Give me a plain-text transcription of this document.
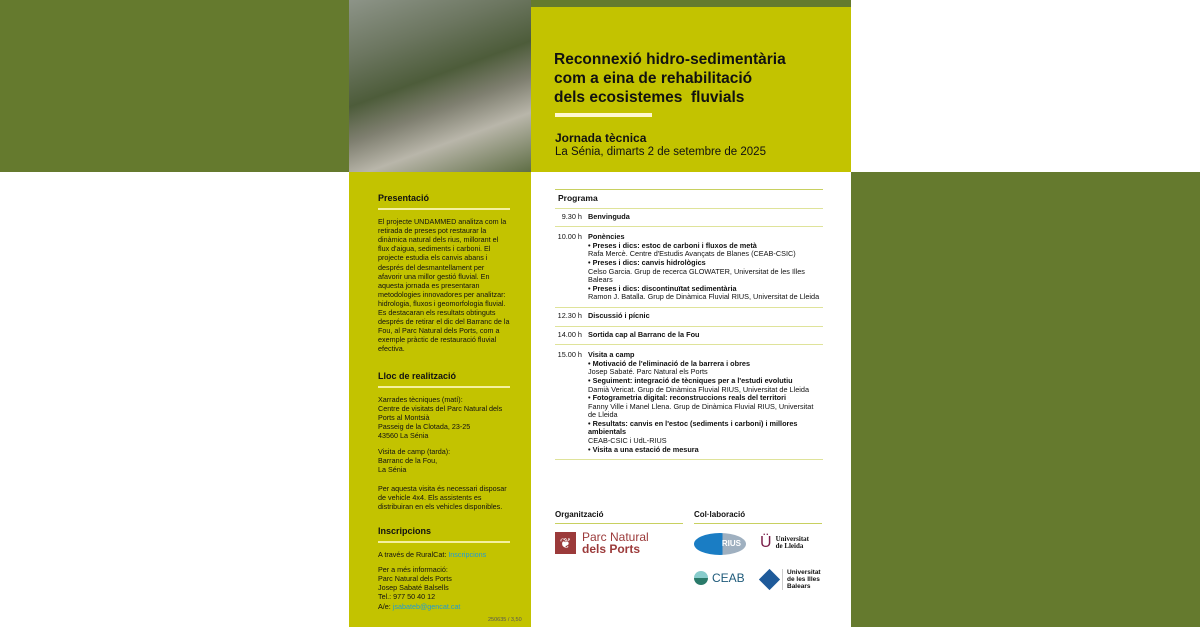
Reconnexió hidro-sedimentària
com a eina de rehabilitació
dels ecosistemes  fluvials
Jornada tècnica
La Sénia, dimarts 2 de setembre de 2025
Presentació

El projecte UNDAMMED analitza com la retirada de preses pot restaurar la dinàmica natural dels rius, millorant el flux d'aigua, sediments i carboni. El projecte estudia els canvis abans i després del desmantellament per afavorir una millor gestió fluvial. En aquesta jornada es presentaran metodologies innovadores per analitzar: hidrologia, fluxos i geomorfologia fluvial. Es destacaran els resultats obtinguts després de retirar el dic del Barranc de la Fou, al Parc Natural dels Ports, com a exemple pràctic de restauració fluvial efectiva.

Lloc de realització

Xarrades tècniques (matí):
Centre de visitats del Parc Natural dels Ports al Montsià
Passeig de la Clotada, 23-25
43560 La Sénia

Visita de camp (tarda):
Barranc de la Fou,
La Sénia

Per aquesta visita és necessari disposar de vehicle 4x4. Els assistents es distribuiran en els vehicles disponibles.

Inscripcions

A través de RuralCat: Inscripcions

Per a més informació:
Parc Natural dels Ports
Josep Sabaté Balsells
Tel.: 977 50 40 12
A/e: jsabateb@gencat.cat

250635 / 3,50
Programa
9.30 h Benvinguda
10.00 h Ponències
• Preses i dics: estoc de carboni i fluxos de metà
Rafa Mercè. Centre d'Estudis Avançats de Blanes (CEAB-CSIC)
• Preses i dics: canvis hidrològics
Celso Garcia. Grup de recerca GLOWATER, Universitat de les Illes Balears
• Preses i dics: discontinuïtat sedimentària
Ramon J. Batalla. Grup de Dinàmica Fluvial RIUS, Universitat de Lleida
12.30 h Discussió i pícnic
14.00 h Sortida cap al Barranc de la Fou
15.00 h Visita a camp
• Motivació de l'eliminació de la barrera i obres
Josep Sabaté. Parc Natural els Ports
• Seguiment: integració de tècniques per a l'estudi evolutiu
Damià Vericat. Grup de Dinàmica Fluvial RIUS, Universitat de Lleida
• Fotogrametria digital: reconstruccions reals del territori
Fanny Ville i Manel Llena. Grup de Dinàmica Fluvial RIUS, Universitat de Lleida
• Resultats: canvis en l'estoc (sediments i carboni) i millores ambientals
CEAB-CSIC i UdL-RIUS
• Visita a una estació de mesura
Organització
❦ Parc Natural
dels Ports
Col·laboració
RIUS	Ü Universitat de Lleida
CEAB	Universitat de les Illes Balears
